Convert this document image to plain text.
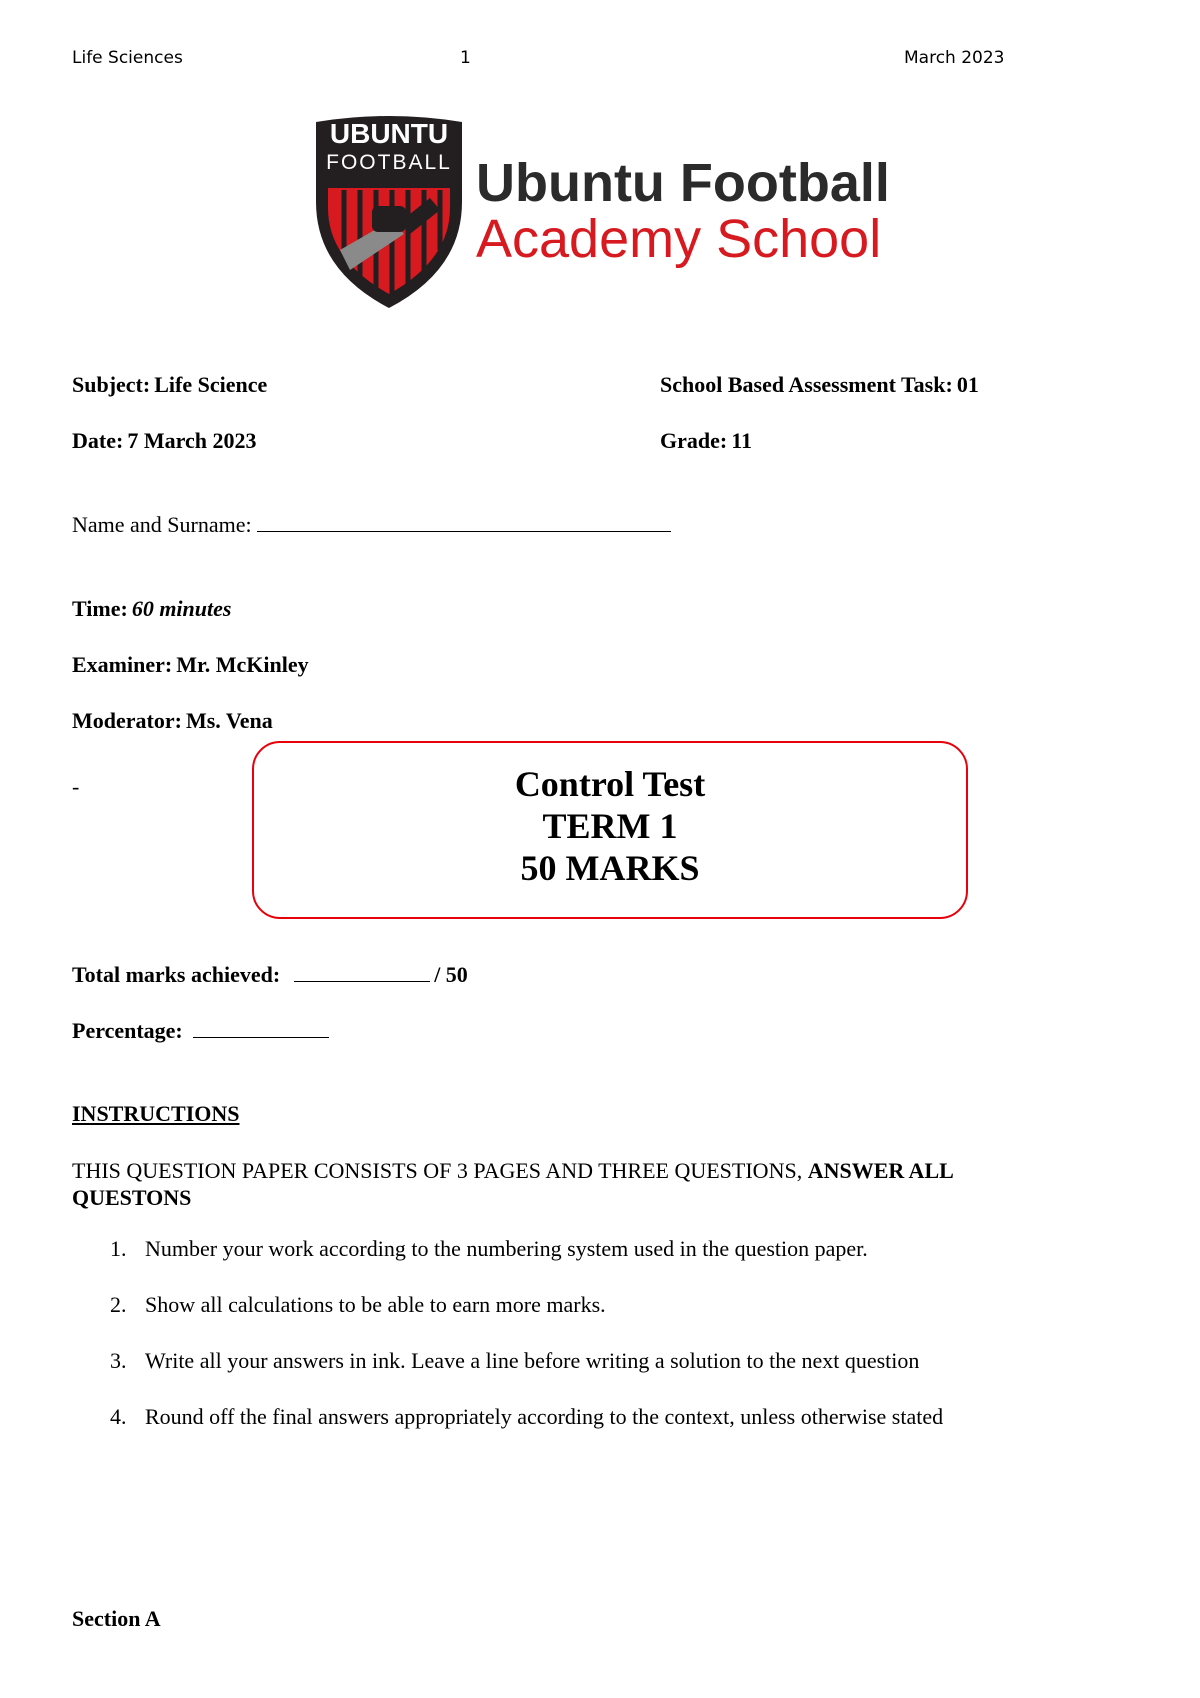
Life Sciences	1	March 2023
UBUNTU
FOOTBALL Ubuntu Football
Academy School
Subject: Life Science	School Based Assessment Task: 01
Date: 7 March 2023	Grade: 11
Name and Surname:
Time: 60 minutes
Examiner: Mr. McKinley
Moderator: Ms. Vena
-	Control Test
TERM 1
50 MARKS
Total marks achieved:	/ 50
Percentage:
INSTRUCTIONS
THIS QUESTION PAPER CONSISTS OF 3 PAGES AND THREE QUESTIONS, ANSWER ALL
QUESTONS
1. Number your work according to the numbering system used in the question paper.
2. Show all calculations to be able to earn more marks.
3. Write all your answers in ink. Leave a line before writing a solution to the next question
4. Round off the final answers appropriately according to the context, unless otherwise stated
Section A
